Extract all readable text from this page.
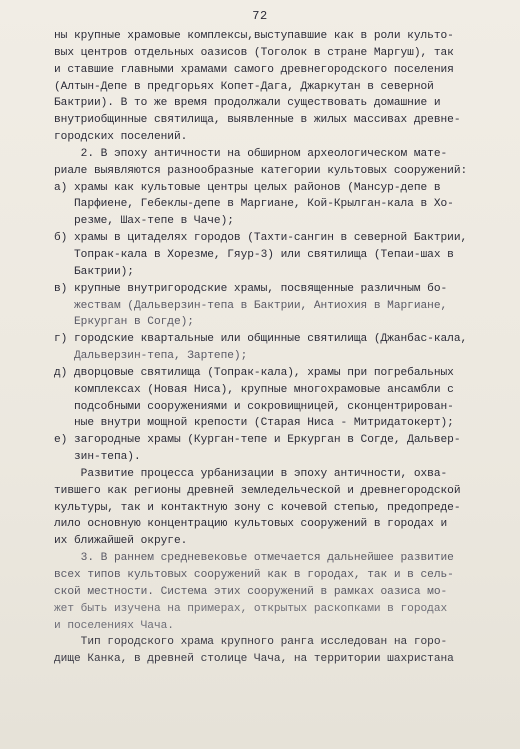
72
ны крупные храмовые комплексы,выступавшие как в роли культо-
вых центров отдельных оазисов (Тоголок в стране Маргуш), так
и ставшие главными храмами самого древнегородского поселения
(Алтын-Депе в предгорьях Копет-Дага, Джаркутан в северной
Бактрии). В то же время продолжали существовать домашние и
внутриобщинные святилища, выявленные в жилых массивах древне-
городских поселений.
2. В эпоху античности на обширном археологическом мате-
риале выявляются разнообразные категории культовых сооружений:
а) храмы как культовые центры целых районов (Мансур-депе в
Парфиене, Гебеклы-депе в Маргиане, Кой-Крылган-кала в Хо-
резме, Шах-тепе в Чаче);
б) храмы в цитаделях городов (Тахти-сангин в северной Бактрии,
Топрак-кала в Хорезме, Гяур-3) или святилища (Тепаи-шах в
Бактрии);
в) крупные внутригородские храмы, посвященные различным бо-
жествам (Дальверзин-тепа в Бактрии, Антиохия в Маргиане,
Еркурган в Согде);
г) городские квартальные или общинные святилища (Джанбас-кала,
Дальверзин-тепа, Зартепе);
д) дворцовые святилища (Топрак-кала), храмы при погребальных
комплексах (Новая Ниса), крупные многохрамовые ансамбли с
подсобными сооружениями и сокровищницей, сконцентрирован-
ные внутри мощной крепости (Старая Ниса - Митридатокерт);
е) загородные храмы (Курган-тепе и Еркурган в Согде, Дальвер-
зин-тепа).
Развитие процесса урбанизации в эпоху античности, охва-
тившего как регионы древней земледельческой и древнегородской
культуры, так и контактную зону с кочевой степью, предопреде-
лило основную концентрацию культовых сооружений в городах и
их ближайшей округе.
3. В раннем средневековье отмечается дальнейшее развитие
всех типов культовых сооружений как в городах, так и в сель-
ской местности. Система этих сооружений в рамках оазиса мо-
жет быть изучена на примерах, открытых раскопками в городах
и поселениях Чача.
Тип городского храма крупного ранга исследован на горо-
дище Канка, в древней столице Чача, на территории шахристана
